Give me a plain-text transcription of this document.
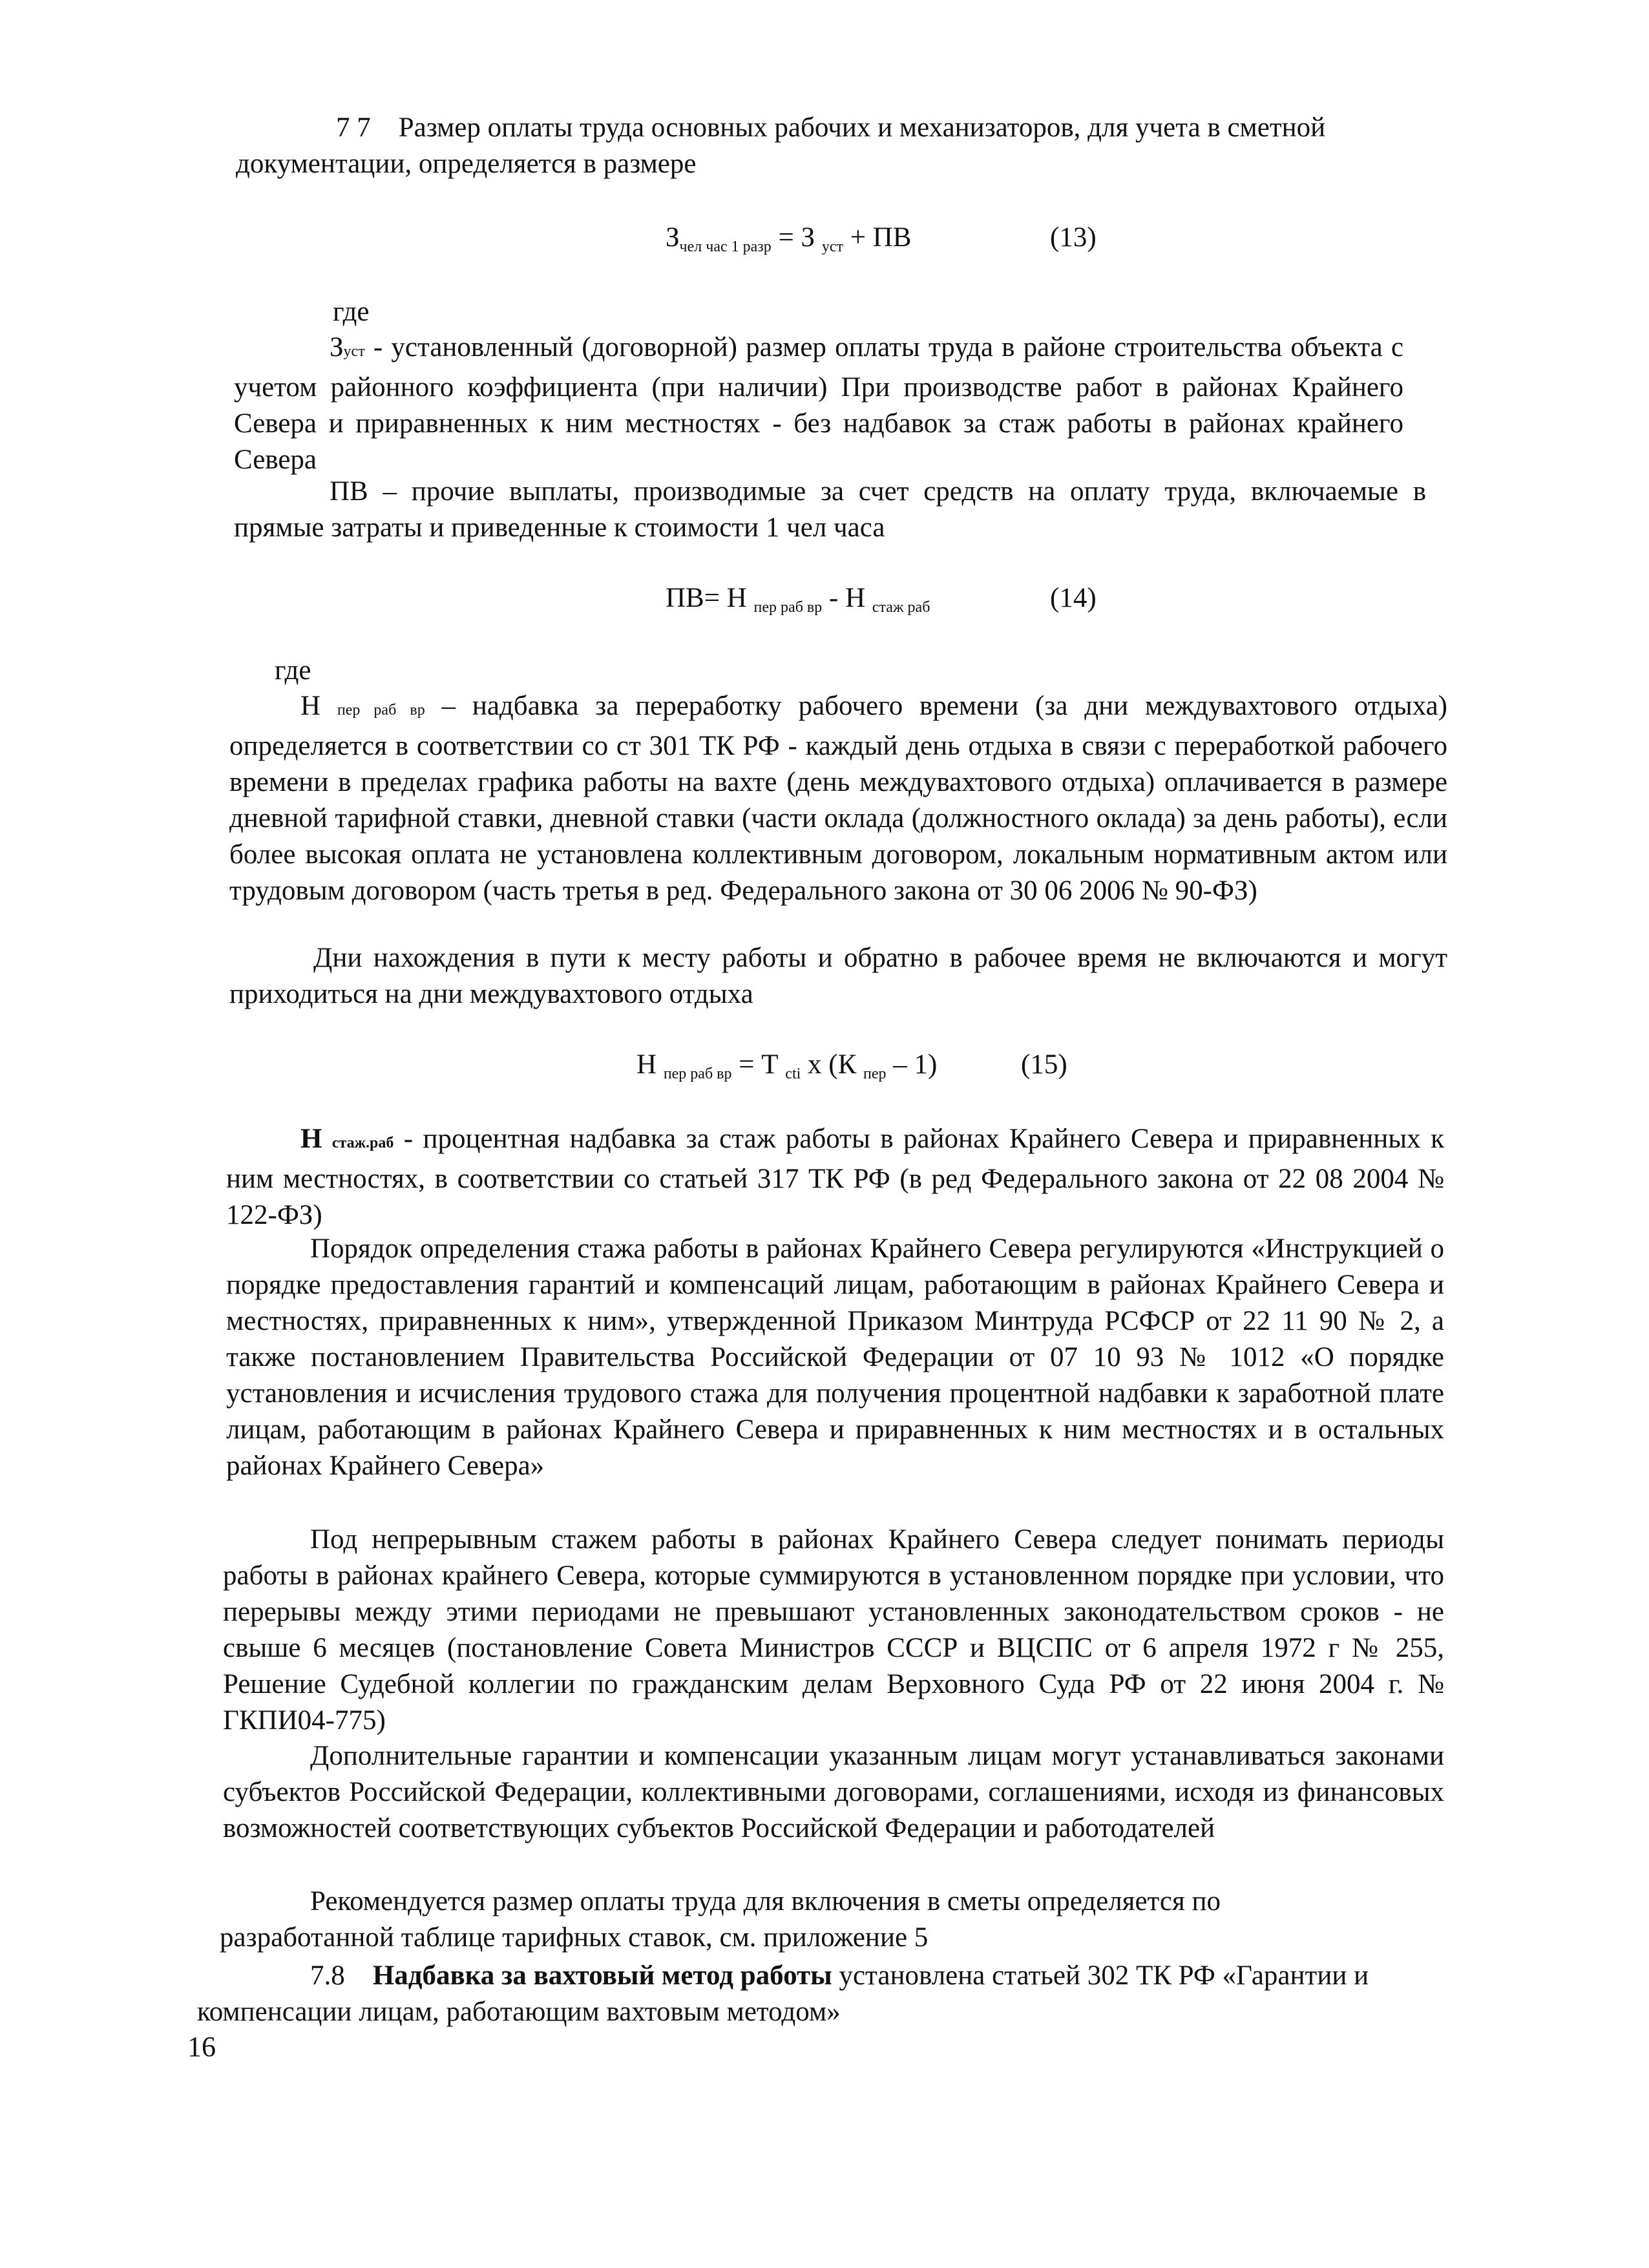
7 7 Размер оплаты труда основных рабочих и механизаторов, для учета в сметной документации, определяется в размере

$З_{чел час 1 разр} = З$ $_{уст}$ + ПВ	(13)
где

Зуст - установленный (договорной) размер оплаты труда в районе строительства объекта с учетом районного коэффициента (при наличии) При производстве работ в районах Крайнего Севера и приравненных к ним местностях - без надбавок за стаж работы в районах крайнего Севера

ПВ – прочие выплаты, производимые за счет средств на оплату труда, включаемые в прямые затраты и приведенные к стоимости 1 чел часа

ПВ= Н $_{пер раб вр}$ - Н $_{стаж раб}$	(14)
где

Н пер раб вр – надбавка за переработку рабочего времени (за дни междувахтового отдыха) определяется в соответствии со ст 301 ТК РФ - каждый день отдыха в связи с переработкой рабочего времени в пределах графика работы на вахте (день междувахтового отдыха) оплачивается в размере дневной тарифной ставки, дневной ставки (части оклада (должностного оклада) за день работы), если более высокая оплата не установлена коллективным договором, локальным нормативным актом или трудовым договором (часть третья в ред. Федерального закона от 30 06 2006 № 90-ФЗ)

Дни нахождения в пути к месту работы и обратно в рабочее время не включаются и могут приходиться на дни междувахтового отдыха

Н $_{пер раб вр}$ = Т $_{сti}$ х (К $_{пер}$ – 1)	(15)

Н стаж.раб - процентная надбавка за стаж работы в районах Крайнего Севера и приравненных к ним местностях, в соответствии со статьей 317 ТК РФ (в ред Федерального закона от 22 08 2004 № 122-ФЗ)

Порядок определения стажа работы в районах Крайнего Севера регулируются «Инструкцией о порядке предоставления гарантий и компенсаций лицам, работающим в районах Крайнего Севера и местностях, приравненных к ним», утвержденной Приказом Минтруда РСФСР от 22 11 90 № 2, а также постановлением Правительства Российской Федерации от 07 10 93 № 1012 «О порядке установления и исчисления трудового стажа для получения процентной надбавки к заработной плате лицам, работающим в районах Крайнего Севера и приравненных к ним местностях и в остальных районах Крайнего Севера»

Под непрерывным стажем работы в районах Крайнего Севера следует понимать периоды работы в районах крайнего Севера, которые суммируются в установленном порядке при условии, что перерывы между этими периодами не превышают установленных законодательством сроков - не свыше 6 месяцев (постановление Совета Министров СССР и ВЦСПС от 6 апреля 1972 г № 255, Решение Судебной коллегии по гражданским делам Верховного Суда РФ от 22 июня 2004 г. № ГКПИ04-775)

Дополнительные гарантии и компенсации указанным лицам могут устанавливаться законами субъектов Российской Федерации, коллективными договорами, соглашениями, исходя из финансовых возможностей соответствующих субъектов Российской Федерации и работодателей

Рекомендуется размер оплаты труда для включения в сметы определяется по разработанной таблице тарифных ставок, см. приложение 5

7.8 Надбавка за вахтовый метод работы установлена статьей 302 ТК РФ «Гарантии и компенсации лицам, работающим вахтовым методом»

16
